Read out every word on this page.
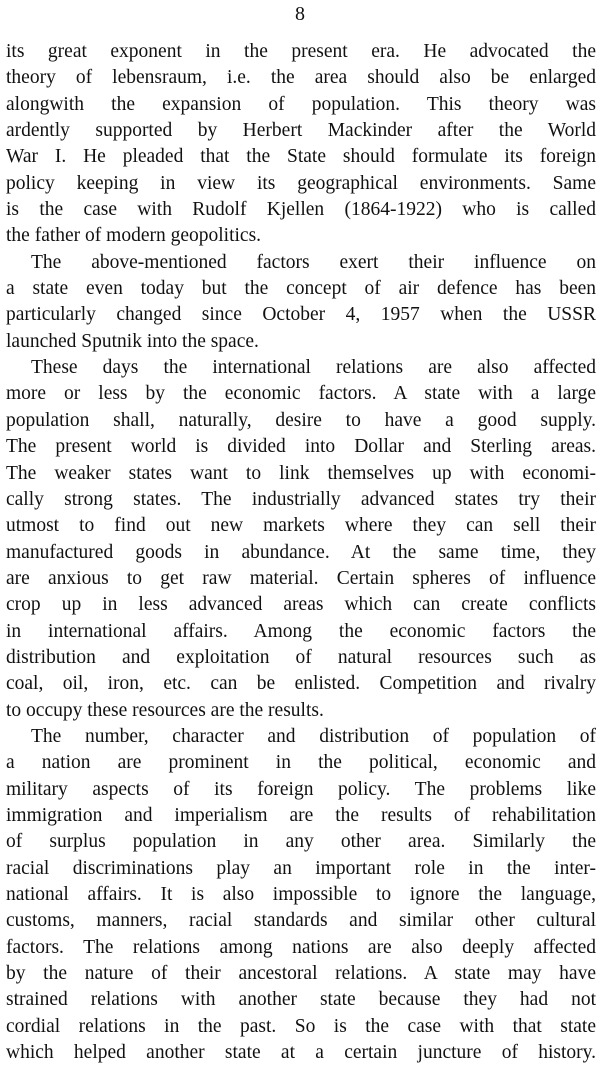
8
its great exponent in the present era. He advocated the
theory of lebensraum, i.e. the area should also be enlarged
alongwith the expansion of population. This theory was
ardently supported by Herbert Mackinder after the World
War I. He pleaded that the State should formulate its foreign
policy keeping in view its geographical environments. Same
is the case with Rudolf Kjellen (1864-1922) who is called
the father of modern geopolitics.
The above-mentioned factors exert their influence on
a state even today but the concept of air defence has been
particularly changed since October 4, 1957 when the USSR
launched Sputnik into the space.
These days the international relations are also affected
more or less by the economic factors. A state with a large
population shall, naturally, desire to have a good supply.
The present world is divided into Dollar and Sterling areas.
The weaker states want to link themselves up with economi-
cally strong states. The industrially advanced states try their
utmost to find out new markets where they can sell their
manufactured goods in abundance. At the same time, they
are anxious to get raw material. Certain spheres of influence
crop up in less advanced areas which can create conflicts
in international affairs. Among the economic factors the
distribution and exploitation of natural resources such as
coal, oil, iron, etc. can be enlisted. Competition and rivalry
to occupy these resources are the results.
The number, character and distribution of population of
a nation are prominent in the political, economic and
military aspects of its foreign policy. The problems like
immigration and imperialism are the results of rehabilitation
of surplus population in any other area. Similarly the
racial discriminations play an important role in the inter-
national affairs. It is also impossible to ignore the language,
customs, manners, racial standards and similar other cultural
factors. The relations among nations are also deeply affected
by the nature of their ancestoral relations. A state may have
strained relations with another state because they had not
cordial relations in the past. So is the case with that state
which helped another state at a certain juncture of history.
